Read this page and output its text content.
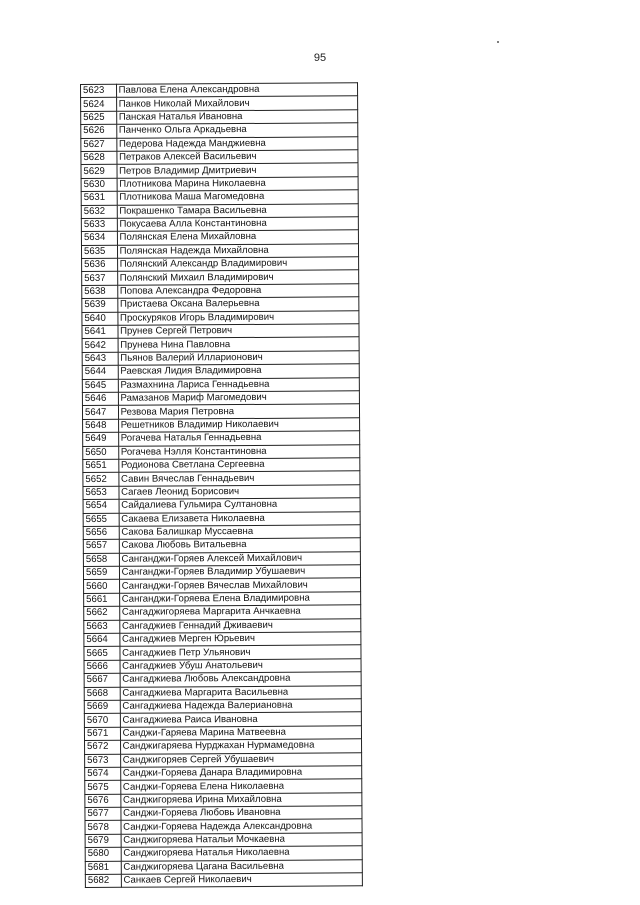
95
5623	Павлова Елена Александровна
5624	Панков Николай Михайлович
5625	Панская Наталья Ивановна
5626	Панченко Ольга Аркадьевна
5627	Педерова Надежда Манджиевна
5628	Петраков Алексей Васильевич
5629	Петров Владимир Дмитриевич
5630	Плотникова Марина Николаевна
5631	Плотникова Маша Магомедовна
5632	Покрашенко Тамара Васильевна
5633	Покусаева Алла Константиновна
5634	Полянская Елена Михайловна
5635	Полянская Надежда Михайловна
5636	Полянский Александр Владимирович
5637	Полянский Михаил Владимирович
5638	Попова Александра Федоровна
5639	Пристаева Оксана Валерьевна
5640	Проскуряков Игорь Владимирович
5641	Прунев Сергей Петрович
5642	Прунева Нина Павловна
5643	Пьянов Валерий Илларионович
5644	Раевская Лидия Владимировна
5645	Размахнина Лариса Геннадьевна
5646	Рамазанов Мариф Магомедович
5647	Резвова Мария Петровна
5648	Решетников Владимир Николаевич
5649	Рогачева Наталья Геннадьевна
5650	Рогачева Нэлля Константиновна
5651	Родионова Светлана Сергеевна
5652	Савин Вячеслав Геннадьевич
5653	Сагаев Леонид Борисович
5654	Сайдалиева Гульмира Султановна
5655	Сакаева Елизавета Николаевна
5656	Сакова Балишкар Муссаевна
5657	Сакова Любовь Витальевна
5658	Санганджи-Горяев Алексей Михайлович
5659	Санганджи-Горяев Владимир Убушаевич
5660	Санганджи-Горяев Вячеслав Михайлович
5661	Санганджи-Горяева Елена Владимировна
5662	Сангаджигоряева Маргарита Анчкаевна
5663	Сангаджиев Геннадий Дживаевич
5664	Сангаджиев Мерген Юрьевич
5665	Сангаджиев Петр Ульянович
5666	Сангаджиев Убуш Анатольевич
5667	Сангаджиева Любовь Александровна
5668	Сангаджиева Маргарита Васильевна
5669	Сангаджиева Надежда Валериановна
5670	Сангаджиева Раиса Ивановна
5671	Санджи-Гаряева Марина Матвеевна
5672	Санджигаряева Нурджахан Нурмамедовна
5673	Санджигоряев Сергей Убушаевич
5674	Санджи-Горяева Данара Владимировна
5675	Санджи-Горяева Елена Николаевна
5676	Санджигоряева Ирина Михайловна
5677	Санджи-Горяева Любовь Ивановна
5678	Санджи-Горяева Надежда Александровна
5679	Санджигоряева Натальи Мочкаевна
5680	Санджигоряева Наталья Николаевна
5681	Санджигоряева Цагана Васильевна
5682	Санкаев Сергей Николаевич
